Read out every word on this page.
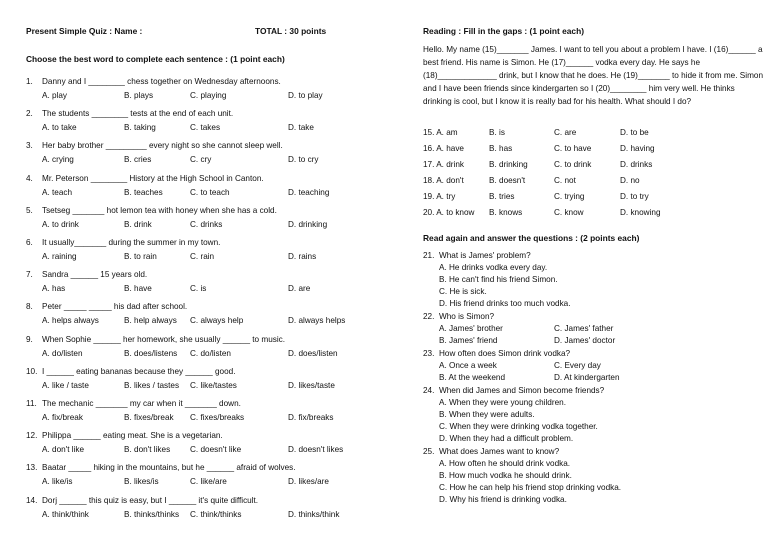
Present Simple Quiz : Name :	TOTAL : 30 points
Choose the best word to complete each sentence : (1 point each)
1. Danny and I ________ chess together on Wednesday afternoons.
A. play	B. plays	C. playing	D. to play
2. The students ________ tests at the end of each unit.
A. to take	B. taking	C. takes	D. take
3. Her baby brother _________ every night so she cannot sleep well.
A. crying	B. cries	C. cry	D. to cry
4. Mr. Peterson ________ History at the High School in Canton.
A. teach	B. teaches	C. to teach	D. teaching
5. Tsetseg _______ hot lemon tea with honey when she has a cold.
A. to drink	B. drink	C. drinks	D. drinking
6. It usually_______ during the summer in my town.
A. raining	B. to rain	C. rain	D. rains
7. Sandra ______ 15 years old.
A. has	B. have	C. is	D. are
8. Peter _____ _____ his dad after school.
A. helps always	B. help always C. always help	D. always helps
9. When Sophie ______ her homework, she usually ______ to music.
A. do/listen	B. does/listens C. do/listen	D. does/listen
10. I ______ eating bananas because they ______ good.
A. like / taste	B. likes / tastes C. like/tastes	D. likes/taste
11. The mechanic _______ my car when it _______ down.
A. fix/break	B. fixes/break C. fixes/breaks	D. fix/breaks
12. Philippa ______ eating meat. She is a vegetarian.
A. don't like	B. don't likes C. doesn't like	D. doesn't likes
13. Baatar _____ hiking in the mountains, but he ______ afraid of wolves.
A. like/is	B. likes/is	C. like/are	D. likes/are
14. Dorj ______ this quiz is easy, but I ______ it's quite difficult.
A. think/think	B. thinks/thinks C. think/thinks	D. thinks/think
Reading : Fill in the gaps : (1 point each)
Hello. My name (15)_______ James. I want to tell you about a problem I have. I (16)______ a best friend. His name is Simon. He (17)______ vodka every day. He says he (18)_____________ drink, but I know that he does. He (19)_______ to hide it from me. Simon and I have been friends since kindergarten so I (20)________ him very well. He thinks drinking is cool, but I know it is really bad for his health. What should I do?
15. A. am	B. is	C. are	D. to be
16. A. have	B. has	C. to have	D. having
17. A. drink	B. drinking	C. to drink	D. drinks
18. A. don't	B. doesn't	C. not	D. no
19. A. try	B. tries	C. trying	D. to try
20. A. to know B. knows	C. know	D. knowing
Read again and answer the questions : (2 points each)
21. What is James' problem?
A. He drinks vodka every day.
B. He can't find his friend Simon.
C. He is sick.
D. His friend drinks too much vodka.
22. Who is Simon?
A. James' brother	C. James' father
B. James' friend	D. James' doctor
23. How often does Simon drink vodka?
A. Once a week	C. Every day
B. At the weekend	D. At kindergarten
24. When did James and Simon become friends?
A. When they were young children.
B. When they were adults.
C. When they were drinking vodka together.
D. When they had a difficult problem.
25. What does James want to know?
A. How often he should drink vodka.
B. How much vodka he should drink.
C. How he can help his friend stop drinking vodka.
D. Why his friend is drinking vodka.
